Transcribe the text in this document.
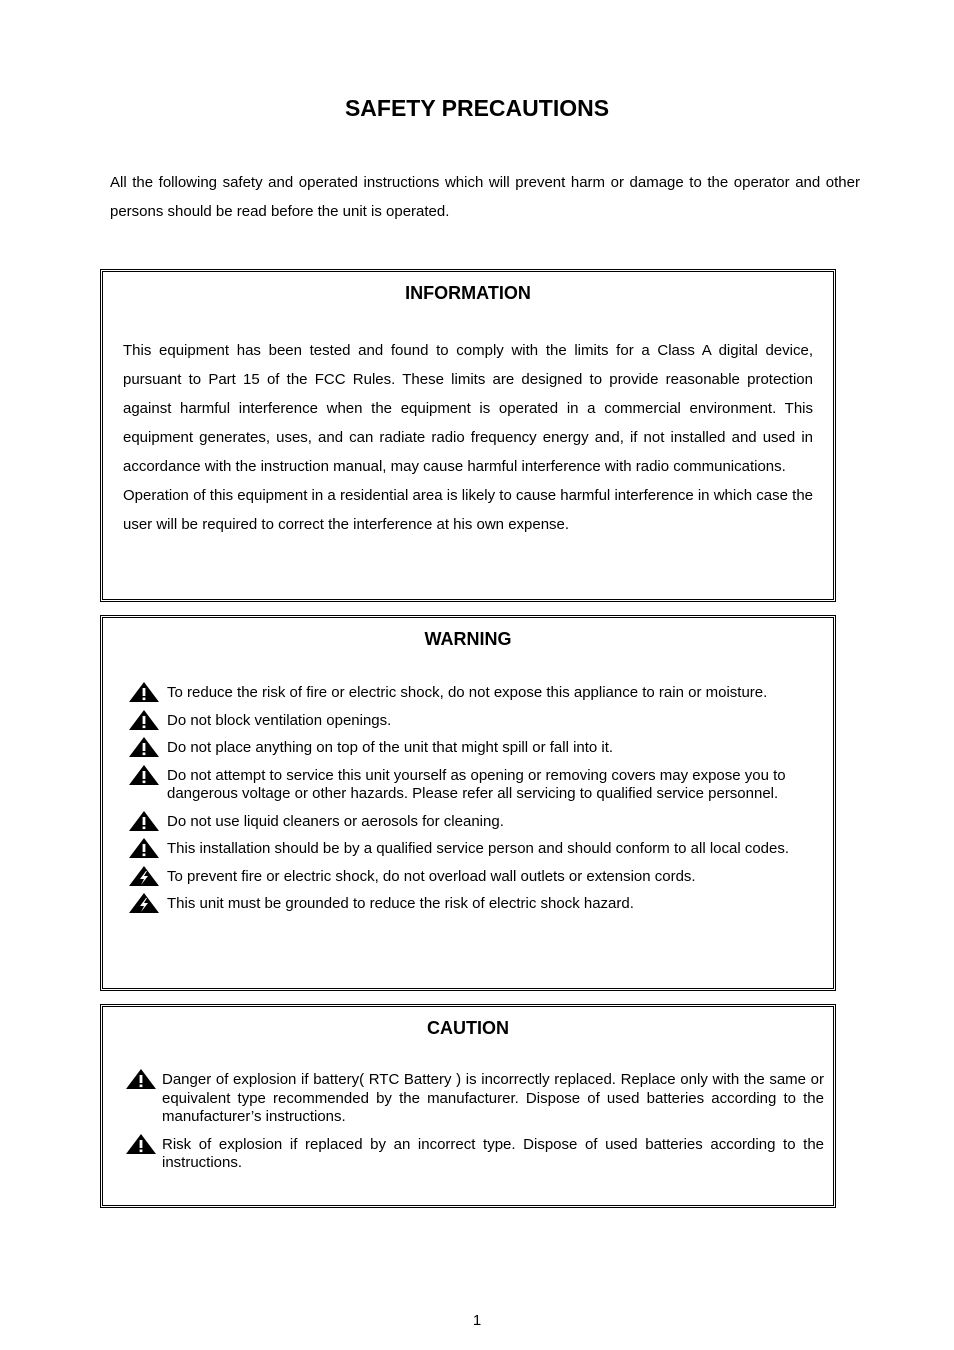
SAFETY PRECAUTIONS

All the following safety and operated instructions which will prevent harm or damage to the operator and other persons should be read before the unit is operated.

INFORMATION

This equipment has been tested and found to comply with the limits for a Class A digital device, pursuant to Part 15 of the FCC Rules. These limits are designed to provide reasonable protection against harmful interference when the equipment is operated in a commercial environment. This equipment generates, uses, and can radiate radio frequency energy and, if not installed and used in accordance with the instruction manual, may cause harmful interference with radio communications.

Operation of this equipment in a residential area is likely to cause harmful interference in which case the user will be required to correct the interference at his own expense.

WARNING
To reduce the risk of fire or electric shock, do not expose this appliance to rain or moisture.
Do not block ventilation openings.
Do not place anything on top of the unit that might spill or fall into it.
Do not attempt to service this unit yourself as opening or removing covers may expose you to dangerous voltage or other hazards. Please refer all servicing to qualified service personnel.
Do not use liquid cleaners or aerosols for cleaning.
This installation should be by a qualified service person and should conform to all local codes.
To prevent fire or electric shock, do not overload wall outlets or extension cords.
This unit must be grounded to reduce the risk of electric shock hazard.
CAUTION
Danger of explosion if battery( RTC Battery ) is incorrectly replaced. Replace only with the same or equivalent type recommended by the manufacturer. Dispose of used batteries according to the manufacturer’s instructions.
Risk of explosion if replaced by an incorrect type. Dispose of used batteries according to the instructions.
1
